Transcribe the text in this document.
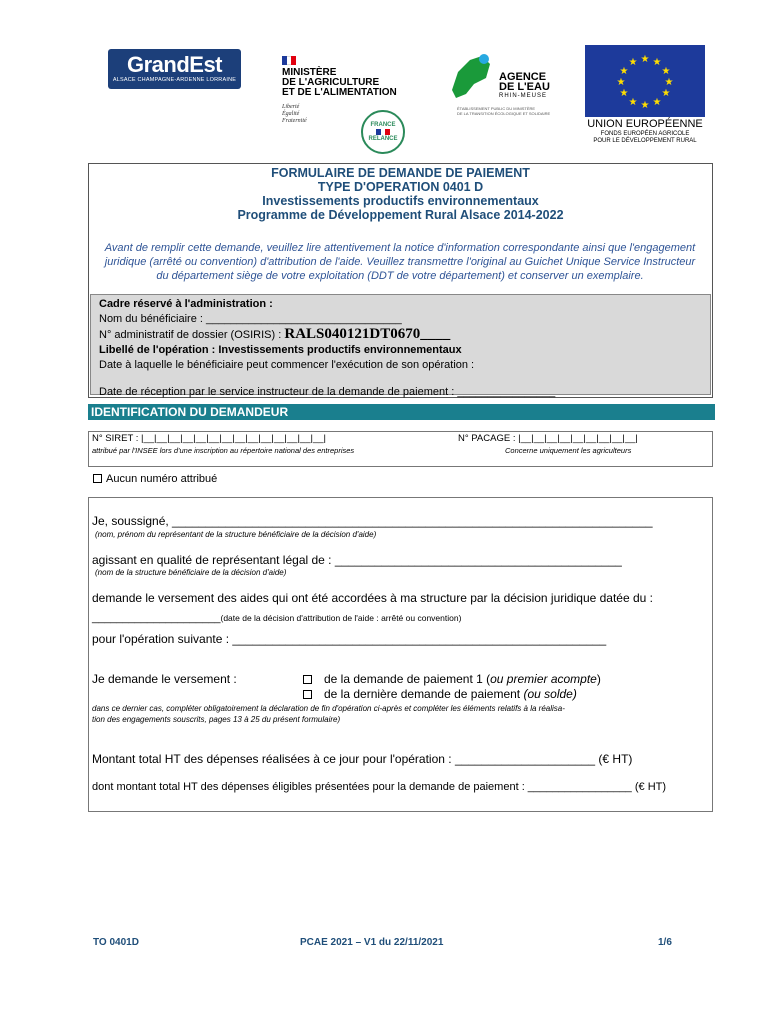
GrandEst
ALSACE CHAMPAGNE-ARDENNE LORRAINE
MINISTÈRE
DE L'AGRICULTURE
ET DE L'ALIMENTATION
Liberté
Égalité
Fraternité
FRANCE
RELANCE
AGENCE
DE L'EAU
RHIN-MEUSE
ÉTABLISSEMENT PUBLIC DU MINISTÈRE
DE LA TRANSITION ÉCOLOGIQUE ET SOLIDAIRE
★ ★
★
★
★
★
★
★
★
★
★
★
UNION EUROPÉENNE
FONDS EUROPÉEN AGRICOLE
POUR LE DÉVELOPPEMENT RURAL
FORMULAIRE DE DEMANDE DE PAIEMENT
TYPE D'OPERATION 0401 D
Investissements productifs environnementaux
Programme de Développement Rural Alsace 2014-2022
Avant de remplir cette demande, veuillez lire attentivement la notice d'information correspondante ainsi que l'engagement juridique (arrêté ou convention) d'attribution de l'aide. Veuillez transmettre l'original au Guichet Unique Service Instructeur du département siège de votre exploitation (DDT de votre département) et conserver un exemplaire.
Cadre réservé à l'administration :
Nom du bénéficiaire : ________________________________
N° administratif de dossier (OSIRIS) : RALS040121DT0670____
Libellé de l'opération : Investissements productifs environnementaux
Date à laquelle le bénéficiaire peut commencer l'exécution de son opération :
Date de réception par le service instructeur de la demande de paiement : ________________
IDENTIFICATION DU DEMANDEUR
N° SIRET : |__|__|__|__|__|__|__|__|__|__|__|__|__|__|
attribué par l'INSEE lors d'une inscription au répertoire national des entreprises
N° PACAGE : |__|__|__|__|__|__|__|__|__|
Concerne uniquement les agriculteurs
Aucun numéro attribué
Je, soussigné, ________________________________________________________________________
(nom, prénom du représentant de la structure bénéficiaire de la décision d'aide)
agissant en qualité de représentant légal de : ___________________________________________
(nom de la structure bénéficiaire de la décision d'aide)
demande le versement des aides qui ont été accordées à ma structure par la décision juridique datée du :
_____________________(date de la décision d'attribution de l'aide : arrêté ou convention)
pour l'opération suivante : ________________________________________________________
Je demande le versement :	de la demande de paiement 1 (ou premier acompte)
de la dernière demande de paiement (ou solde)
dans ce dernier cas, compléter obligatoirement la déclaration de fin d'opération ci-après et compléter les éléments relatifs à la réalisa-
tion des engagements souscrits, pages 13 à 25 du présent formulaire)
Montant total HT des dépenses réalisées à ce jour pour l'opération : _____________________ (€ HT)
dont montant total HT des dépenses éligibles présentées pour la demande de paiement : _________________ (€ HT)
TO 0401D	PCAE 2021 – V1 du 22/11/2021	1/6
